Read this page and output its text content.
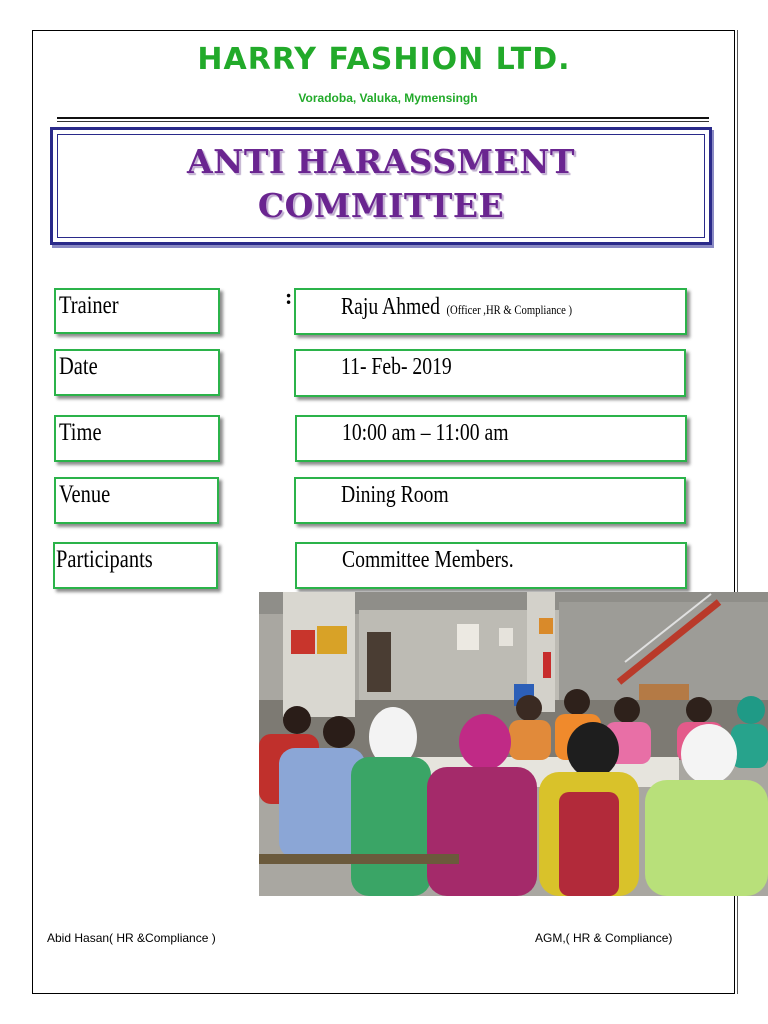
HARRY FASHION LTD.
Voradoba, Valuka, Mymensingh
ANTI HARASSMENT
COMMITTEE
Trainer	: Raju Ahmed (Officer ,HR & Compliance )
Date	11- Feb- 2019
Time	10:00 am – 11:00 am
Venue	Dining Room
Participants	Committee Members.
Abid Hasan( HR &Compliance )	AGM,( HR & Compliance)
